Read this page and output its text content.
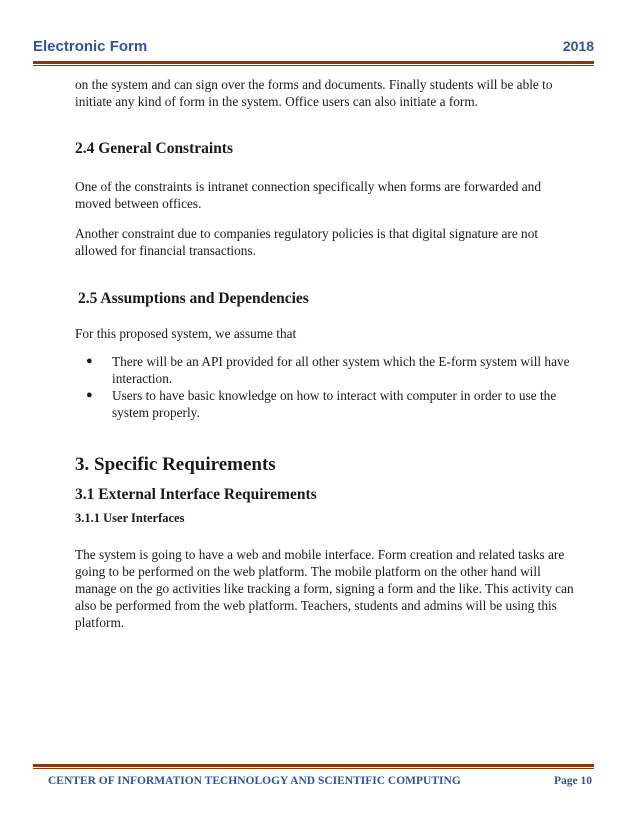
Electronic Form	2018

on the system and can sign over the forms and documents. Finally students will be able to initiate any kind of form in the system. Office users can also initiate a form.

2.4 General Constraints

One of the constraints is intranet connection specifically when forms are forwarded and moved between offices.

Another constraint due to companies regulatory policies is that digital signature are not allowed for financial transactions.

2.5 Assumptions and Dependencies

For this proposed system, we assume that

● There will be an API provided for all other system which the E-form system will have    interaction.
● Users to have basic knowledge on how to interact with computer in order to use the system properly.
3. Specific Requirements
3.1 External Interface Requirements
3.1.1 User Interfaces

The system is going to have a web and mobile interface. Form creation and related tasks are going to be performed on the web platform. The mobile platform on the other hand will manage on the go activities like tracking a form, signing a form and the like. This activity can also be performed from the web platform. Teachers, students and admins will be using this platform.

CENTER OF INFORMATION TECHNOLOGY AND SCIENTIFIC COMPUTING	Page 10
